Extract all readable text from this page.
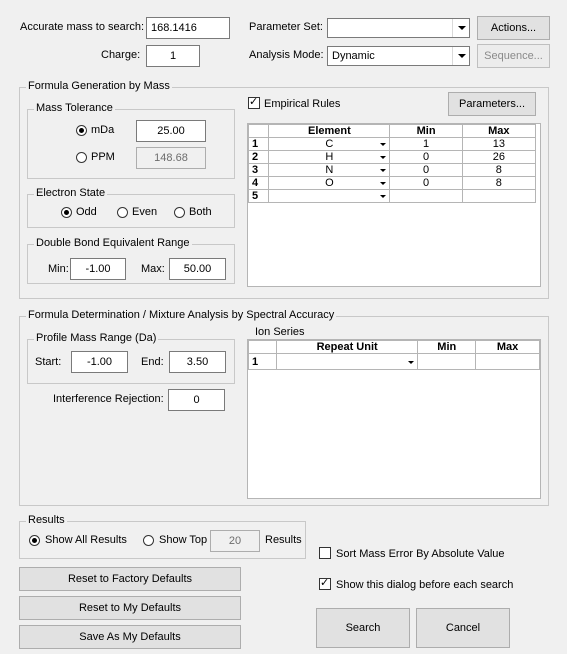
Accurate mass to search: 168.1416
Charge:	1
Parameter Set:
Analysis Mode: Dynamic
Actions...
Sequence...
Formula Generation by Mass
Mass Tolerance
mDa	25.00
PPM	148.68
Electron State
Odd	Even	Both
Double Bond Equivalent Range
Min:	-1.00	Max:	50.00
✓
Empirical Rules	Parameters...
	Element	Min	Max
1	C	1	13
2	H	0	26
3	N	0	8
4	O	0	8
5	

Formula Determination / Mixture Analysis by Spectral Accuracy
Profile Mass Range (Da)
Start:	-1.00	End:	3.50
Interference Rejection:	0
Ion Series
	Repeat Unit	Min	Max
1	

Results
Show All Results	Show Top	20	Results
Sort Mass Error By Absolute Value
✓
Show this dialog before each search
Reset to Factory Defaults
Reset to My Defaults
Save As My Defaults
Search	Cancel
